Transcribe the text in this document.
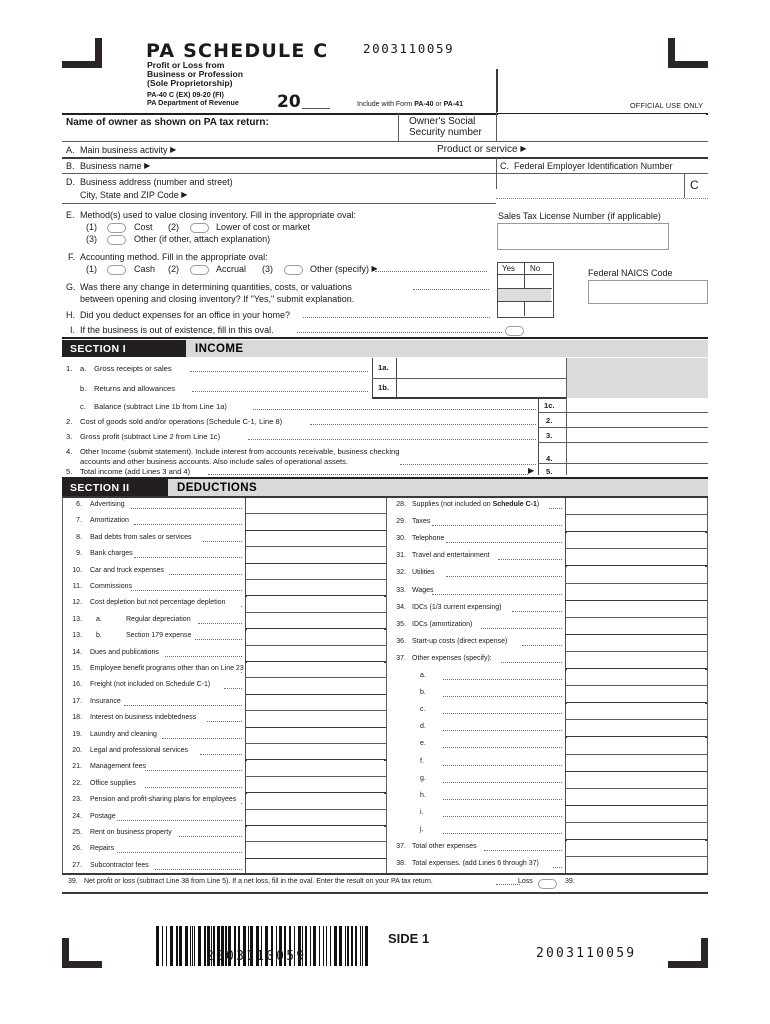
PA SCHEDULE C
Profit or Loss from
Business or Profession
(Sole Proprietorship)
PA-40 C (EX) 09-20 (FI)
PA Department of Revenue 20
2003110059
Include with Form PA-40 or PA-41	OFFICIAL USE ONLY
Name of owner as shown on PA tax return:	Owner's Social
Security number
A. Main business activity ▶	Product or service ▶
B. Business name ▶	C. Federal Employer Identification Number
C
D. Business address (number and street)
City, State and ZIP Code ▶
E. Method(s) used to value closing inventory. Fill in the appropriate oval:
(1)	Cost (2)	Lower of cost or market
(3)	Other (if other, attach explanation)
Sales Tax License Number (if applicable)
F. Accounting method. Fill in the appropriate oval:
(1)	Cash (2)	Accrual (3)	Other (specify) ▶	Yes No	Federal NAICS Code
G. Was there any change in determining quantities, costs, or valuations
between opening and closing inventory? If "Yes," submit explanation.
H. Did you deduct expenses for an office in your home?
I. If the business is out of existence, fill in this oval.
SECTION I	INCOME
1. a. Gross receipts or sales	1a.
b. Returns and allowances	1b.
c. Balance (subtract Line 1b from Line 1a)	1c.
2. Cost of goods sold and/or operations (Schedule C-1, Line 8)	2.
3. Gross profit (subtract Line 2 from Line 1c)	3.
4. Other Income (submit statement). Include interest from accounts receivable, business checking
accounts and other business accounts. Also include sales of operational assets.	4.
5. Total income (add Lines 3 and 4)	▶ 5.
SECTION II	DEDUCTIONS
6. Advertising
7. Amortization
8. Bad debts from sales or services
9. Bank charges
10. Car and truck expenses
11. Commissions
12. Cost depletion but not percentage depletion
13. a.	Regular depreciation
13. b.	Section 179 expense
14. Dues and publications
15. Employee benefit programs other than on Line 23
16. Freight (not included on Schedule C-1)
17. Insurance
18. Interest on business indebtedness
19. Laundry and cleaning
20. Legal and professional services
21. Management fees
22. Office supplies
23. Pension and profit-sharing plans for employees
24. Postage
25. Rent on business property
26. Repairs
27. Subcontractor fees
28. Supplies (not included on Schedule C-1)
29. Taxes
30. Telephone
31. Travel and entertainment
32. Utilities
33. Wages
34. IDCs (1/3 current expensing)
35. IDCs (amortization)
36. Start-up costs (direct expense)
37. Other expenses (specify):
a.
b.
c.
d.
e.
f.
g.
h.
i.
j.
37. Total other expenses
38. Total expenses. (add Lines 6 through 37)
39. Net profit or loss (subtract Line 38 from Line 5). If a net loss, fill in the oval. Enter the result on your PA tax return.	Loss	39.
2003110059
SIDE 1
2003110059
